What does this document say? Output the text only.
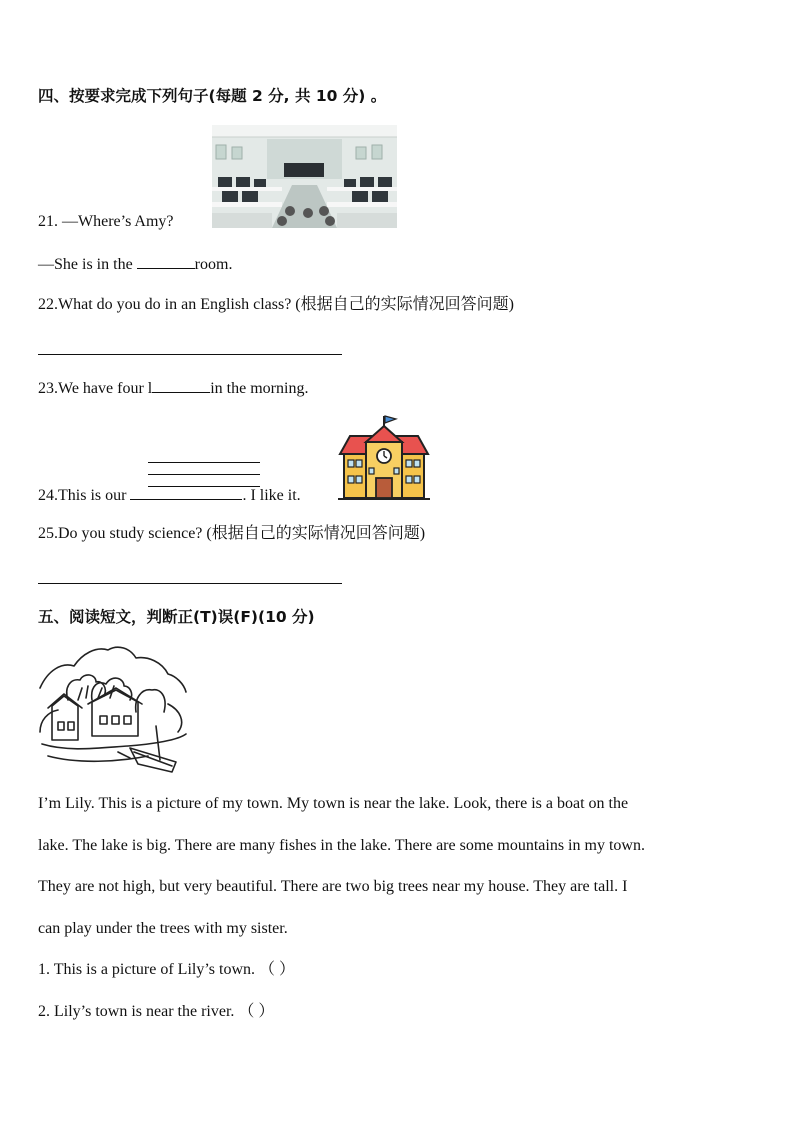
四、按要求完成下列句子(每题 2 分, 共 10 分) 。
21. —Where’s Amy?
—She is in the	room.
22.What do you do in an English class? (根据自己的实际情况回答问题)
23.We have four l	in the morning.
24.This is our	. I like it.
25.Do you study science? (根据自己的实际情况回答问题)
五、阅读短文，判断正(T)误(F)(10 分)
I’m Lily. This is a picture of my town. My town is near the lake. Look, there is a boat on the
lake. The lake is big. There are many fishes in the lake. There are some mountains in my town.
They are not high, but very beautiful. There are two big trees near my house. They are tall. I
can play under the trees with my sister.
1. This is a picture of Lily’s town. （ ）
2. Lily’s town is near the river. （ ）
